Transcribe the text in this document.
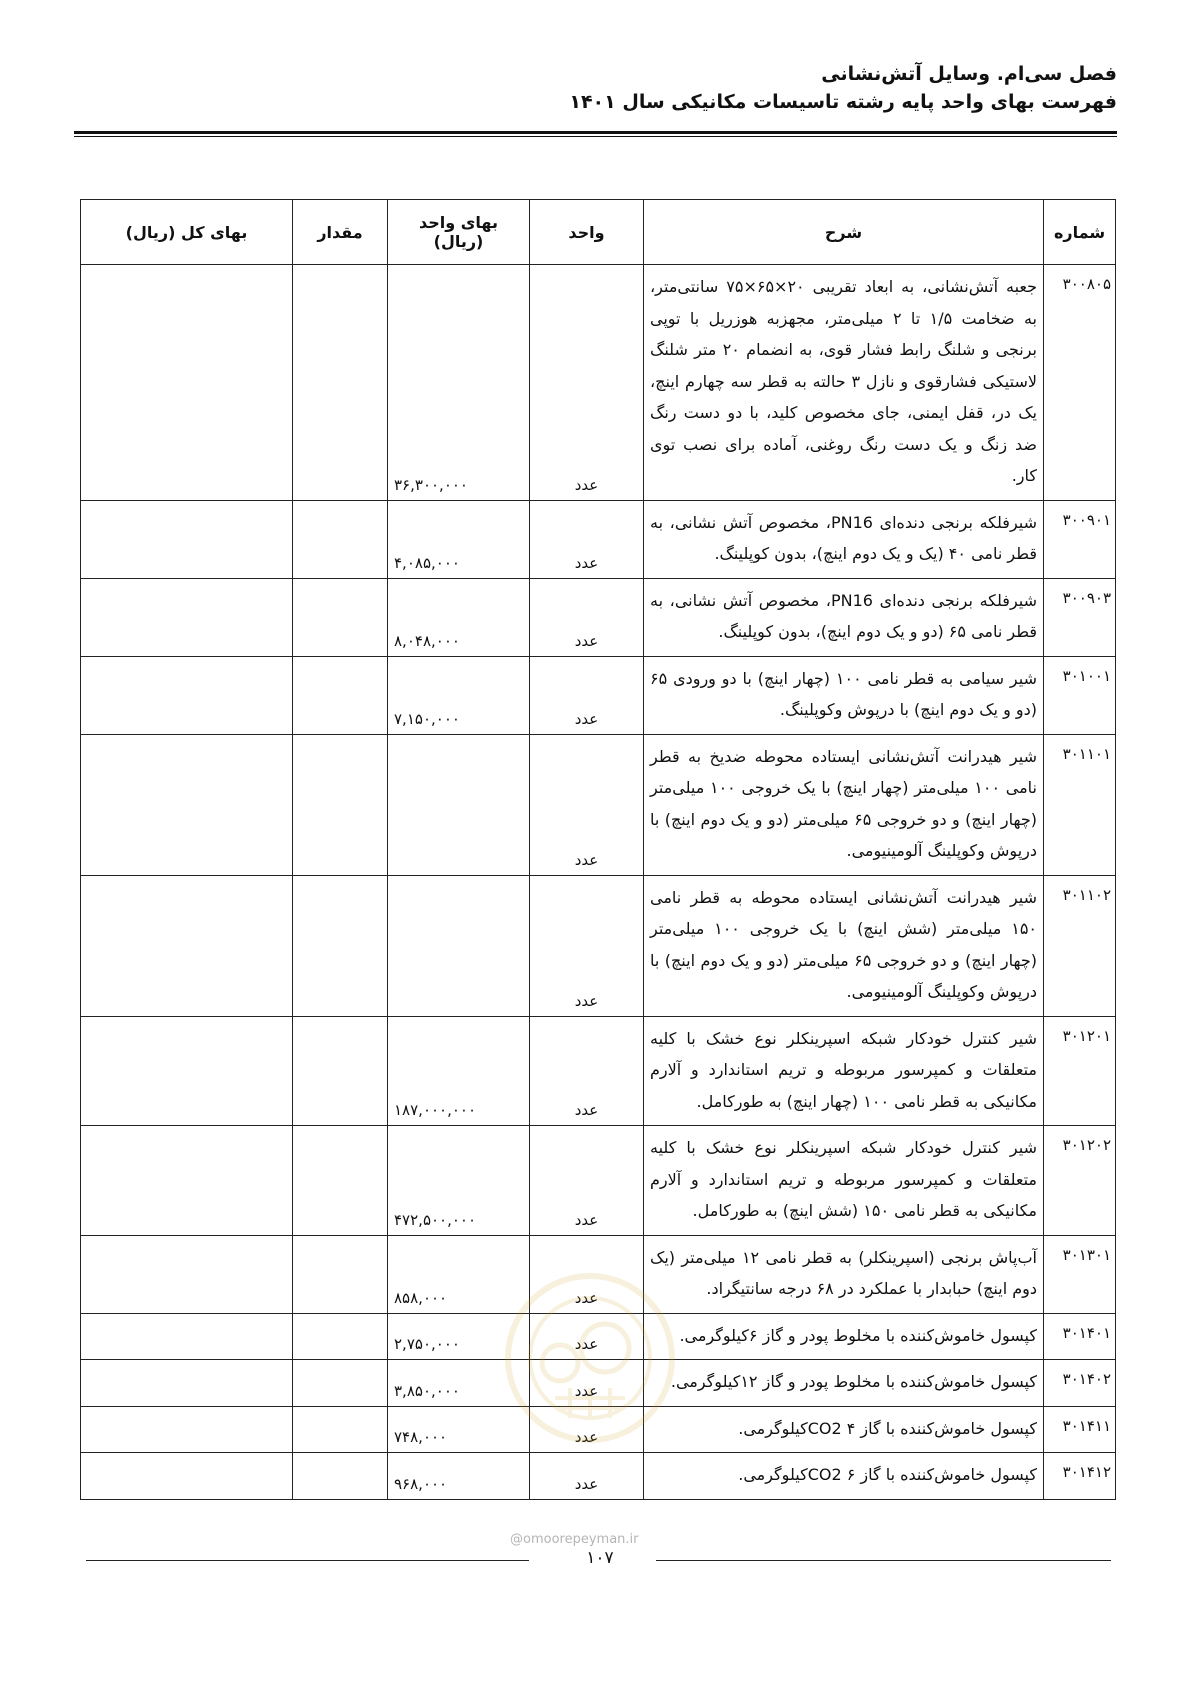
فصل سی‌ام. وسایل آتش‌نشانی
فهرست بهای واحد پایه رشته تاسیسات مکانیکی سال ۱۴۰۱
شماره	شرح	واحد	بهای واحد (ریال)	مقدار	بهای کل (ریال)
۳۰۰۸۰۵	جعبه آتش‌نشانی، به ابعاد تقریبی ۲۰×۶۵×۷۵ سانتی‌متر، به ضخامت ۱/۵ تا ۲ میلی‌متر، مجهزبه هوزریل با توپی برنجی و شلنگ رابط فشار قوی، به انضمام ۲۰ متر شلنگ لاستیکی فشارقوی و نازل ۳ حالته به قطر سه چهارم اینچ، یک در، قفل ایمنی، جای مخصوص کلید، با دو دست رنگ ضد زنگ و یک دست رنگ روغنی، آماده برای نصب توی کار.	عدد	۳۶,۳۰۰,۰۰۰		
۳۰۰۹۰۱	شیرفلکه برنجی دنده‌ای PN16، مخصوص آتش نشانی، به قطر نامی ۴۰ (یک و یک دوم اینچ)، بدون کوپلینگ.	عدد	۴,۰۸۵,۰۰۰		
۳۰۰۹۰۳	شیرفلکه برنجی دنده‌ای PN16، مخصوص آتش نشانی، به قطر نامی ۶۵ (دو و یک دوم اینچ)، بدون کوپلینگ.	عدد	۸,۰۴۸,۰۰۰		
۳۰۱۰۰۱	شیر سیامی به قطر نامی ۱۰۰ (چهار اینچ) با دو ورودی ۶۵ (دو و یک دوم اینچ) با درپوش وکوپلینگ.	عدد	۷,۱۵۰,۰۰۰		
۳۰۱۱۰۱	شیر هیدرانت آتش‌نشانی ایستاده محوطه ضدیخ به قطر نامی ۱۰۰ میلی‌متر (چهار اینچ) با یک خروجی ۱۰۰ میلی‌متر (چهار اینچ) و دو خروجی ۶۵ میلی‌متر (دو و یک دوم اینچ) با درپوش وکوپلینگ آلومینیومی.	عدد			
۳۰۱۱۰۲	شیر هیدرانت آتش‌نشانی ایستاده محوطه به قطر نامی ۱۵۰ میلی‌متر (شش اینچ) با یک خروجی ۱۰۰ میلی‌متر (چهار اینچ) و دو خروجی ۶۵ میلی‌متر (دو و یک دوم اینچ) با درپوش وکوپلینگ آلومینیومی.	عدد			
۳۰۱۲۰۱	شیر کنترل خودکار شبکه اسپرینکلر نوع خشک با کلیه متعلقات و کمپرسور مربوطه و تریم استاندارد و آلارم مکانیکی به قطر نامی ۱۰۰ (چهار اینچ) به طورکامل.	عدد	۱۸۷,۰۰۰,۰۰۰		
۳۰۱۲۰۲	شیر کنترل خودکار شبکه اسپرینکلر نوع خشک با کلیه متعلقات و کمپرسور مربوطه و تریم استاندارد و آلارم مکانیکی به قطر نامی ۱۵۰ (شش اینچ) به طورکامل.	عدد	۴۷۲,۵۰۰,۰۰۰		
۳۰۱۳۰۱	آب‌پاش برنجی (اسپرینکلر) به قطر نامی ۱۲ میلی‌متر (یک دوم اینچ) حبابدار با عملکرد در ۶۸ درجه سانتیگراد.	عدد	۸۵۸,۰۰۰		
۳۰۱۴۰۱	کپسول خاموش‌کننده با مخلوط پودر و گاز ۶کیلوگرمی.	عدد	۲,۷۵۰,۰۰۰		
۳۰۱۴۰۲	کپسول خاموش‌کننده با مخلوط پودر و گاز ۱۲کیلوگرمی.	عدد	۳,۸۵۰,۰۰۰		
۳۰۱۴۱۱	کپسول خاموش‌کننده با گاز CO2 ۴کیلوگرمی.	عدد	۷۴۸,۰۰۰		
۳۰۱۴۱۲	کپسول خاموش‌کننده با گاز CO2 ۶کیلوگرمی.	عدد	۹۶۸,۰۰۰		
@omoorepeyman.ir
۱۰۷
